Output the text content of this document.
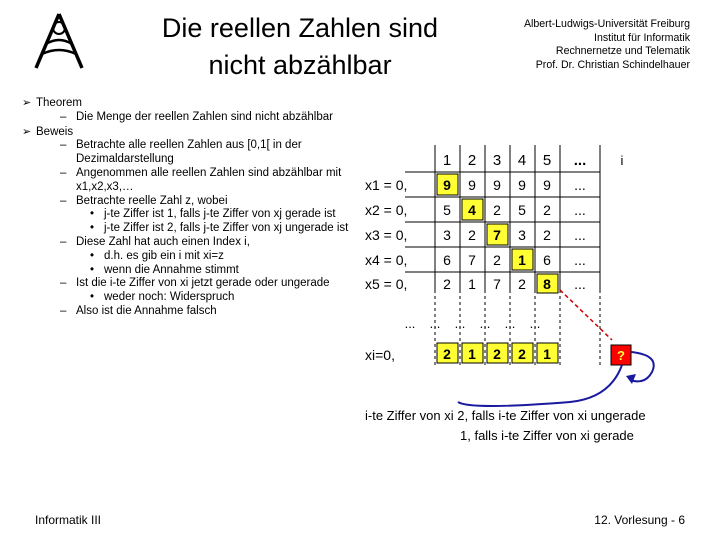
Die reellen Zahlen sind
nicht abzählbar
Albert-Ludwigs-Universität Freiburg
Institut für Informatik
Rechnernetze und Telematik
Prof. Dr. Christian Schindelhauer
➢ Theorem
– Die Menge der reellen Zahlen sind nicht abzählbar
➢ Beweis
– Betrachte alle reellen Zahlen aus [0,1[ in der Dezimaldarstellung
– Angenommen alle reellen Zahlen sind abzählbar mit x1,x2,x3,…
– Betrachte reelle Zahl z, wobei
• j-te Ziffer ist 1, falls j-te Ziffer von xj gerade ist
• j-te Ziffer ist 2, falls j-te Ziffer von xj ungerade ist
– Diese Zahl hat auch einen Index i,
• d.h. es gib ein i mit xi=z
• wenn die Annahme stimmt
– Ist die i-te Ziffer von xi jetzt gerade oder ungerade
• weder noch: Widerspruch
– Also ist die Annahme falsch
1 2 3 4 5 ...	i
x1 = 0,	9 9 9 9 9 ...
x2 = 0,	5 4 2 5 2 ...
x3 = 0,	3 2 7 3 2 ...
x4 = 0,	6 7 2 1 6 ...
x5 = 0,	2 1 7 2 8 ...
... ... ... ... ... ...
xi=0,	2 1 2 2 1	?
i-te Ziffer von xi 2, falls i-te Ziffer von xi ungerade
1, falls i-te Ziffer von xi gerade
Informatik III	12. Vorlesung - 6
